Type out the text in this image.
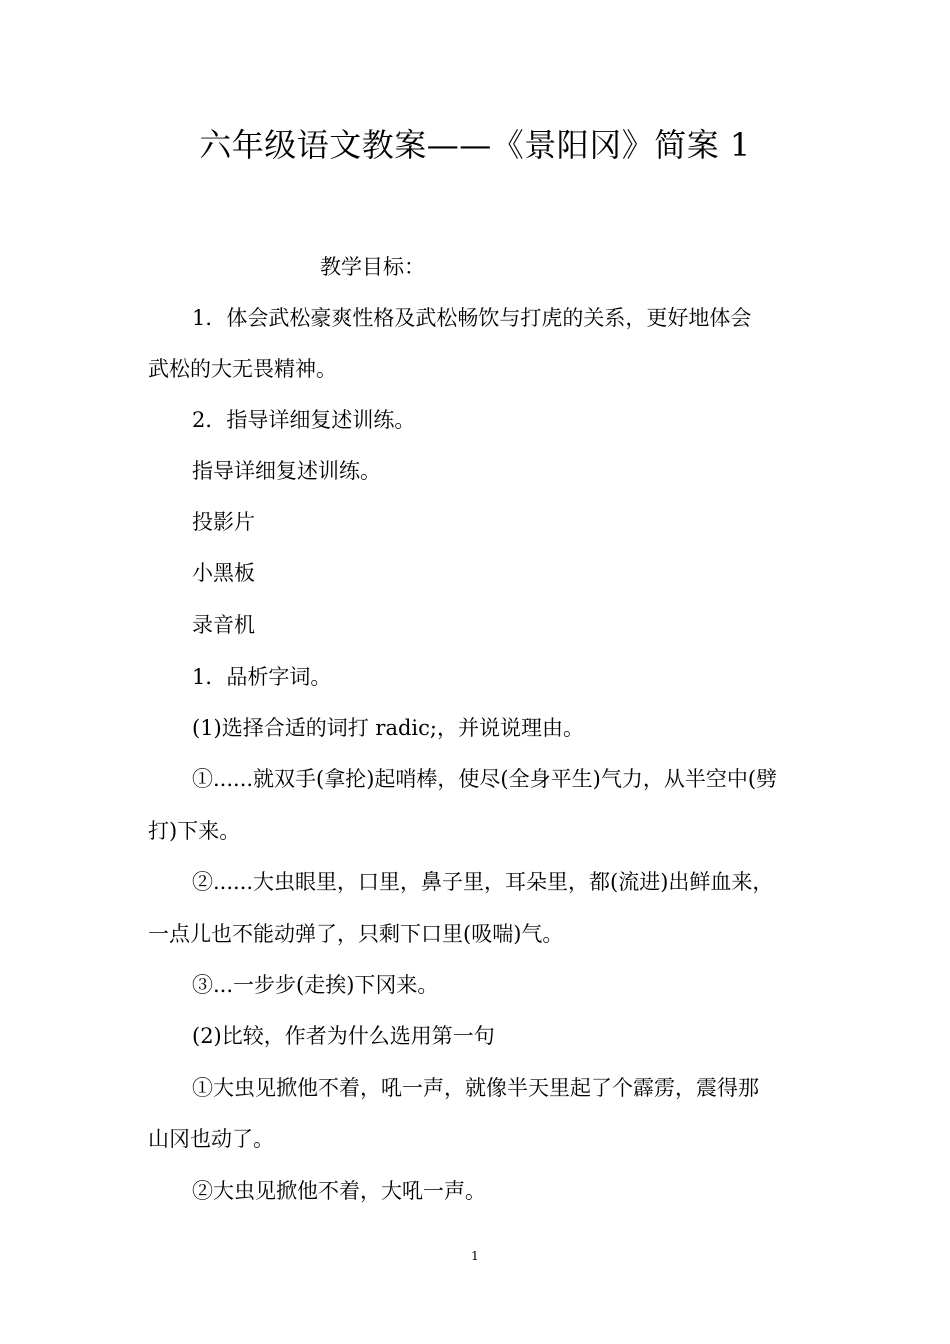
六年级语文教案——《景阳冈》简案 1
教学目标：
1．体会武松豪爽性格及武松畅饮与打虎的关系，更好地体会
武松的大无畏精神。
2．指导详细复述训练。
指导详细复述训练。
投影片
小黑板
录音机
1．品析字词。
(1)选择合适的词打 radic;，并说说理由。
①......就双手(拿抡)起哨棒，使尽(全身平生)气力，从半空中(劈
打)下来。
②......大虫眼里，口里，鼻子里，耳朵里，都(流进)出鲜血来，
一点儿也不能动弹了，只剩下口里(吸喘)气。
③...一步步(走挨)下冈来。
(2)比较，作者为什么选用第一句
①大虫见掀他不着，吼一声，就像半天里起了个霹雳，震得那
山冈也动了。
②大虫见掀他不着，大吼一声。
1
